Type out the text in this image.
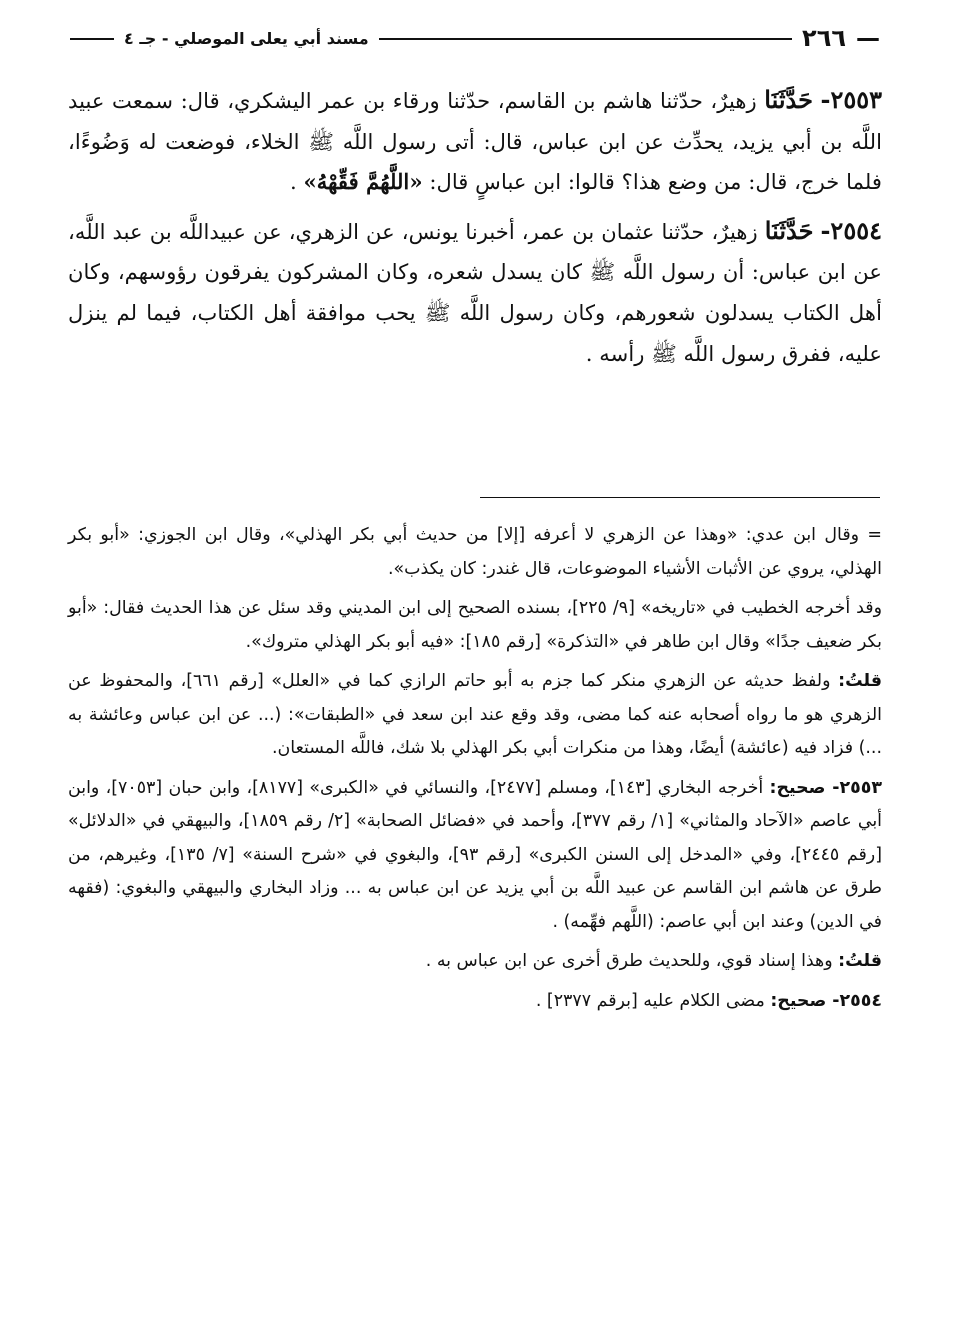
—
٢٦٦
مسند أبي يعلى الموصلي - جـ ٤

٢٥٥٣- حَدَّثَنَا زهيرٌ، حدّثنا هاشم بن القاسم، حدّثنا ورقاء بن عمر اليشكري، قال: سمعت عبيد اللَّه بن أبي يزيد، يحدِّث عن ابن عباس، قال: أتى رسول اللَّه ﷺ الخلاء، فوضعت له وَضُوءًا، فلما خرج، قال: من وضع هذا؟ قالوا: ابن عباسٍ قال: «اللَّهُمَّ فَقِّهْهُ» .

٢٥٥٤- حَدَّثَنَا زهيرٌ، حدّثنا عثمان بن عمر، أخبرنا يونس، عن الزهري، عن عبيداللَّه بن عبد اللَّه، عن ابن عباس: أن رسول اللَّه ﷺ كان يسدل شعره، وكان المشركون يفرقون رؤوسهم، وكان أهل الكتاب يسدلون شعورهم، وكان رسول اللَّه ﷺ يحب موافقة أهل الكتاب، فيما لم ينزل عليه، ففرق رسول اللَّه ﷺ رأسه .

= وقال ابن عدي: «وهذا عن الزهري لا أعرفه [إلا] من حديث أبي بكر الهذلي»، وقال ابن الجوزي: «أبو بكر الهذلي، يروي عن الأثبات الأشياء الموضوعات، قال غندر: كان يكذب».

وقد أخرجه الخطيب في «تاريخه» [٩/ ٢٢٥]، بسنده الصحيح إلى ابن المديني وقد سئل عن هذا الحديث فقال: «أبو بكر ضعيف جدًا» وقال ابن طاهر في «التذكرة» [رقم ١٨٥]: «فيه أبو بكر الهذلي متروك».

قلتُ: ولفظ حديثه عن الزهري منكر كما جزم به أبو حاتم الرازي كما في «العلل» [رقم ٦٦١]، والمحفوظ عن الزهري هو ما رواه أصحابه عنه كما مضى، وقد وقع عند ابن سعد في «الطبقات»: (... عن ابن عباس وعائشة به ...) فزاد فيه (عائشة) أيضًا، وهذا من منكرات أبي بكر الهذلي بلا شك، فاللَّه المستعان.

٢٥٥٣- صحيح: أخرجه البخاري [١٤٣]، ومسلم [٢٤٧٧]، والنسائي في «الكبرى» [٨١٧٧]، وابن حبان [٧٠٥٣]، وابن أبي عاصم «الآحاد والمثاني» [١/ رقم ٣٧٧]، وأحمد في «فضائل الصحابة» [٢/ رقم ١٨٥٩]، والبيهقي في «الدلائل» [رقم ٢٤٤٥]، وفي «المدخل إلى السنن الكبرى» [رقم ٩٣]، والبغوي في «شرح السنة» [٧/ ١٣٥]، وغيرهم، من طرق عن هاشم ابن القاسم عن عبيد اللَّه بن أبي يزيد عن ابن عباس به ... وزاد البخاري والبيهقي والبغوي: (فقهه في الدين) وعند ابن أبي عاصم: (اللَّهم فهِّمه) .

قلتُ: وهذا إسناد قوي، وللحديث طرق أخرى عن ابن عباس به .

٢٥٥٤- صحيح: مضى الكلام عليه [برقم ٢٣٧٧] .
